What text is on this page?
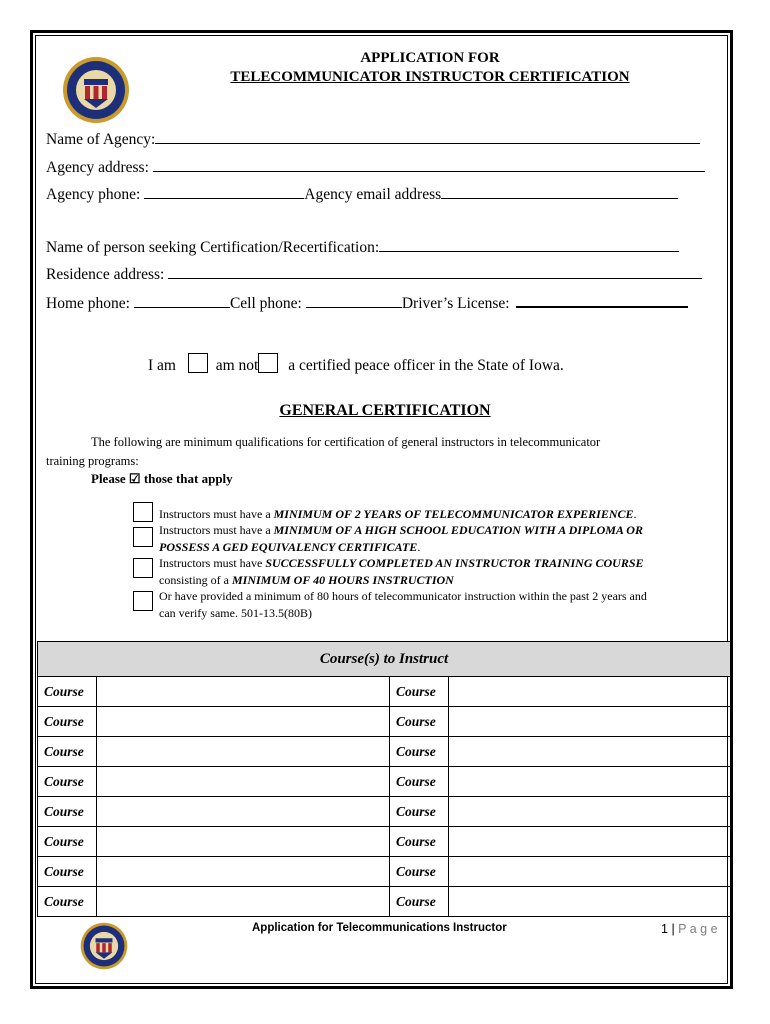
APPLICATION FOR
TELECOMMUNICATOR INSTRUCTOR CERTIFICATION
Name of Agency:
Agency address:
Agency phone:	Agency email address
Name of person seeking Certification/Recertification:
Residence address:
Home phone:	Cell phone:	Driver’s License:
I am	am not a certified peace officer in the State of Iowa.
GENERAL CERTIFICATION
The following are minimum qualifications for certification of general instructors in telecommunicator
training programs:
Please ☑ those that apply
Instructors must have a MINIMUM OF 2 YEARS OF TELECOMMUNICATOR EXPERIENCE.
Instructors must have a MINIMUM OF A HIGH SCHOOL EDUCATION WITH A DIPLOMA OR
POSSESS A GED EQUIVALENCY CERTIFICATE.
Instructors must have SUCCESSFULLY COMPLETED AN INSTRUCTOR TRAINING COURSE
consisting of a MINIMUM OF 40 HOURS INSTRUCTION
Or have provided a minimum of 80 hours of telecommunicator instruction within the past 2 years and
can verify same. 501-13.5(80B)
Course(s) to Instruct			
Course		Course	
Course		Course	
Course		Course	
Course		Course	
Course		Course	
Course		Course	
Course		Course	
Course		Course	
Application for Telecommunications Instructor	1 | P a g e
